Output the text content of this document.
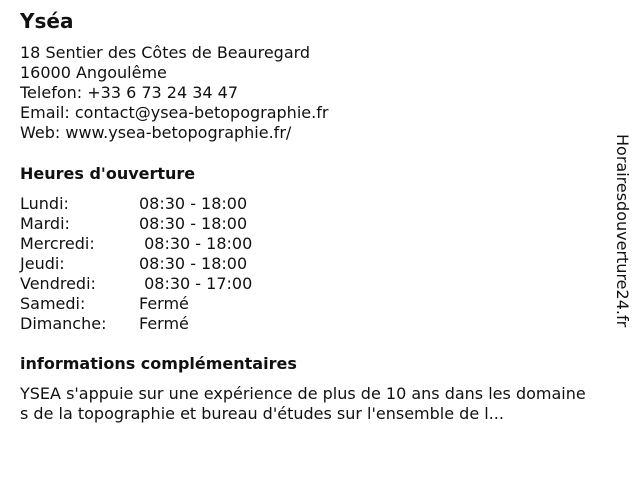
Yséa
18 Sentier des Côtes de Beauregard
16000 Angoulême
Telefon: +33 6 73 24 34 47
Email: contact@ysea-betopographie.fr
Web: www.ysea-betopographie.fr/
Heures d'ouverture
Lundi:	08:30 - 18:00
Mardi:	08:30 - 18:00
Mercredi:	08:30 - 18:00
Jeudi:	08:30 - 18:00
Vendredi:	08:30 - 17:00
Samedi:	Fermé
Dimanche:	Fermé
informations complémentaires
YSEA s'appuie sur une expérience de plus de 10 ans dans les domaines de la topographie et bureau d'études sur l'ensemble de l...
Horairesdouverture24.fr
